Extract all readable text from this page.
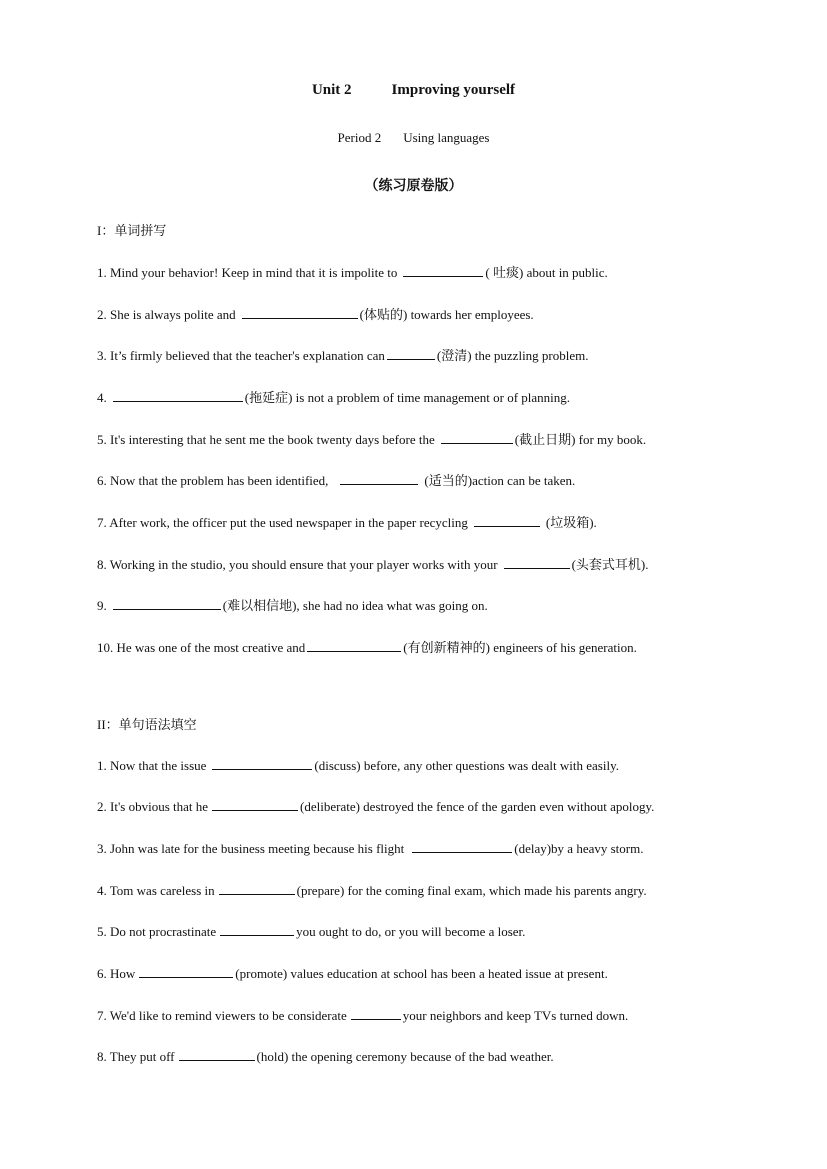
Unit 2	Improving yourself
Period 2 Using languages
（练习原卷版）
I：单词拼写
1. Mind your behavior! Keep in mind that it is impolite to	( 吐痰) about in public.
2. She is always polite and	(体贴的) towards her employees.
3. It’s firmly believed that the teacher's explanation can	(澄清) the puzzling problem.
4.	(拖延症) is not a problem of time management or of planning.
5. It's interesting that he sent me the book twenty days before the	(截止日期) for my book.
6. Now that the problem has been identified,	(适当的)action can be taken.
7. After work, the officer put the used newspaper in the paper recycling	(垃圾箱).
8. Working in the studio, you should ensure that your player works with your	(头套式耳机).
9.	(难以相信地), she had no idea what was going on.
10. He was one of the most creative and	(有创新精神的) engineers of his generation.
II：单句语法填空
1. Now that the issue	(discuss) before, any other questions was dealt with easily.
2. It's obvious that he	(deliberate) destroyed the fence of the garden even without apology.
3. John was late for the business meeting because his flight	(delay)by a heavy storm.
4. Tom was careless in	(prepare) for the coming final exam, which made his parents angry.
5. Do not procrastinate	you ought to do, or you will become a loser.
6. How	(promote) values education at school has been a heated issue at present.
7. We'd like to remind viewers to be considerate	your neighbors and keep TVs turned down.
8. They put off	(hold) the opening ceremony because of the bad weather.
